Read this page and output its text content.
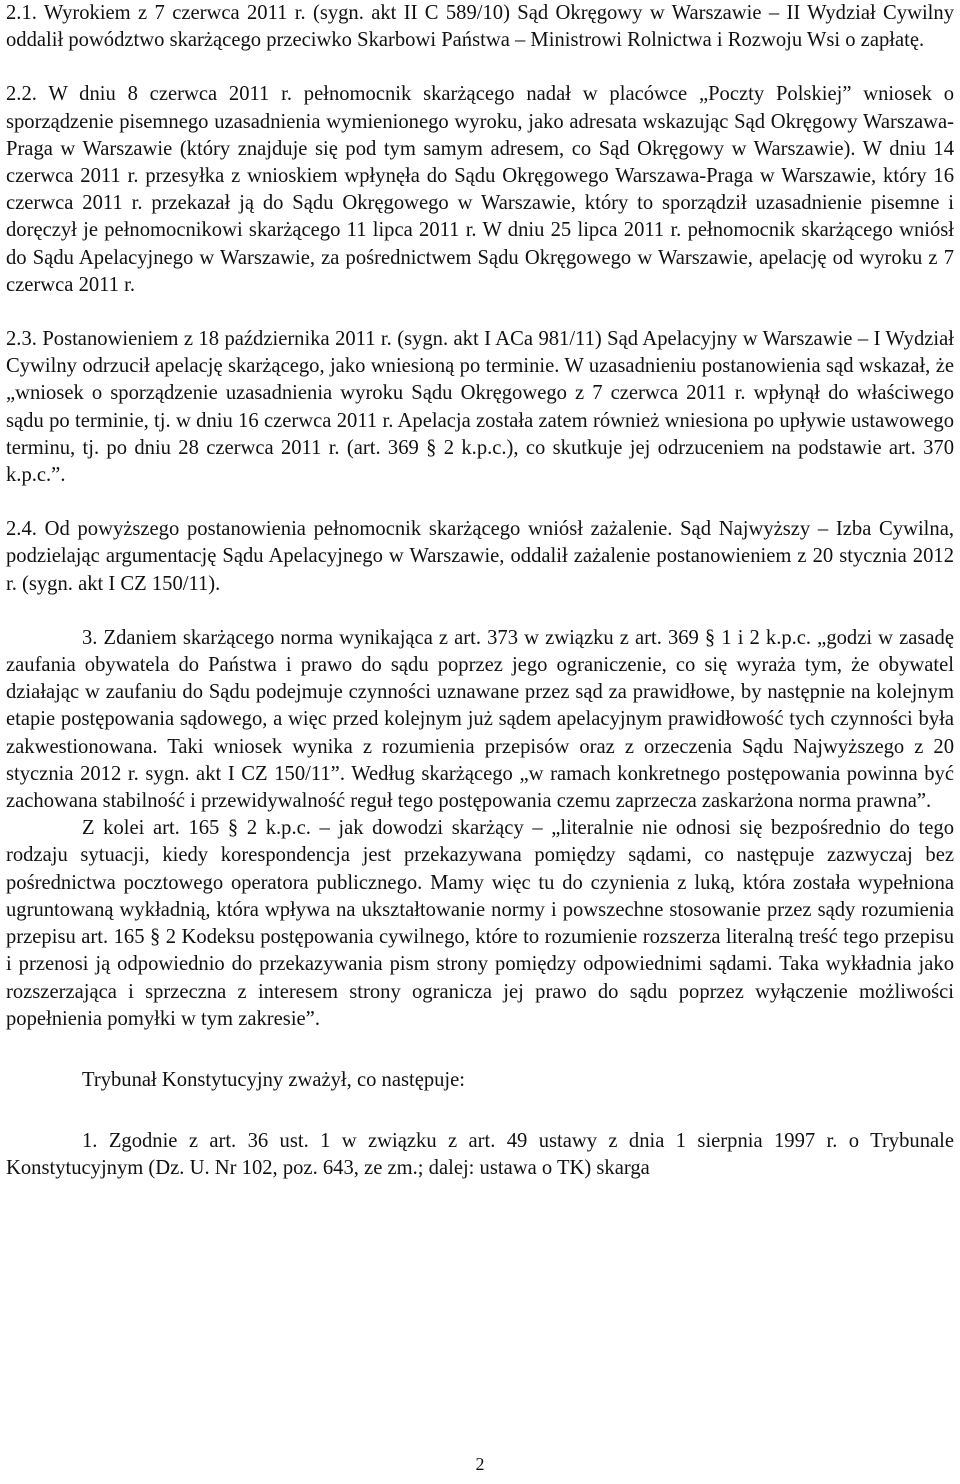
2.1. Wyrokiem z 7 czerwca 2011 r. (sygn. akt II C 589/10) Sąd Okręgowy w Warszawie – II Wydział Cywilny oddalił powództwo skarżącego przeciwko Skarbowi Państwa – Ministrowi Rolnictwa i Rozwoju Wsi o zapłatę.

2.2. W dniu 8 czerwca 2011 r. pełnomocnik skarżącego nadał w placówce „Poczty Polskiej” wniosek o sporządzenie pisemnego uzasadnienia wymienionego wyroku, jako adresata wskazując Sąd Okręgowy Warszawa-Praga w Warszawie (który znajduje się pod tym samym adresem, co Sąd Okręgowy w Warszawie). W dniu 14 czerwca 2011 r. przesyłka z wnioskiem wpłynęła do Sądu Okręgowego Warszawa-Praga w Warszawie, który 16 czerwca 2011 r. przekazał ją do Sądu Okręgowego w Warszawie, który to sporządził uzasadnienie pisemne i doręczył je pełnomocnikowi skarżącego 11 lipca 2011 r. W dniu 25 lipca 2011 r. pełnomocnik skarżącego wniósł do Sądu Apelacyjnego w Warszawie, za pośrednictwem Sądu Okręgowego w Warszawie, apelację od wyroku z 7 czerwca 2011 r.

2.3. Postanowieniem z 18 października 2011 r. (sygn. akt I ACa 981/11) Sąd Apelacyjny w Warszawie – I Wydział Cywilny odrzucił apelację skarżącego, jako wniesioną po terminie. W uzasadnieniu postanowienia sąd wskazał, że „wniosek o sporządzenie uzasadnienia wyroku Sądu Okręgowego z 7 czerwca 2011 r. wpłynął do właściwego sądu po terminie, tj. w dniu 16 czerwca 2011 r. Apelacja została zatem również wniesiona po upływie ustawowego terminu, tj. po dniu 28 czerwca 2011 r. (art. 369 § 2 k.p.c.), co skutkuje jej odrzuceniem na podstawie art. 370 k.p.c.”.

2.4. Od powyższego postanowienia pełnomocnik skarżącego wniósł zażalenie. Sąd Najwyższy – Izba Cywilna, podzielając argumentację Sądu Apelacyjnego w Warszawie, oddalił zażalenie postanowieniem z 20 stycznia 2012 r. (sygn. akt I CZ 150/11).

3. Zdaniem skarżącego norma wynikająca z art. 373 w związku z art. 369 § 1 i 2 k.p.c. „godzi w zasadę zaufania obywatela do Państwa i prawo do sądu poprzez jego ograniczenie, co się wyraża tym, że obywatel działając w zaufaniu do Sądu podejmuje czynności uznawane przez sąd za prawidłowe, by następnie na kolejnym etapie postępowania sądowego, a więc przed kolejnym już sądem apelacyjnym prawidłowość tych czynności była zakwestionowana. Taki wniosek wynika z rozumienia przepisów oraz z orzeczenia Sądu Najwyższego z 20 stycznia 2012 r. sygn. akt I CZ 150/11”. Według skarżącego „w ramach konkretnego postępowania powinna być zachowana stabilność i przewidywalność reguł tego postępowania czemu zaprzecza zaskarżona norma prawna”.

Z kolei art. 165 § 2 k.p.c. – jak dowodzi skarżący – „literalnie nie odnosi się bezpośrednio do tego rodzaju sytuacji, kiedy korespondencja jest przekazywana pomiędzy sądami, co następuje zazwyczaj bez pośrednictwa pocztowego operatora publicznego. Mamy więc tu do czynienia z luką, która została wypełniona ugruntowaną wykładnią, która wpływa na ukształtowanie normy i powszechne stosowanie przez sądy rozumienia przepisu art. 165 § 2 Kodeksu postępowania cywilnego, które to rozumienie rozszerza literalną treść tego przepisu i przenosi ją odpowiednio do przekazywania pism strony pomiędzy odpowiednimi sądami. Taka wykładnia jako rozszerzająca i sprzeczna z interesem strony ogranicza jej prawo do sądu poprzez wyłączenie możliwości popełnienia pomyłki w tym zakresie”.

Trybunał Konstytucyjny zważył, co następuje:

1. Zgodnie z art. 36 ust. 1 w związku z art. 49 ustawy z dnia 1 sierpnia 1997 r. o Trybunale Konstytucyjnym (Dz. U. Nr 102, poz. 643, ze zm.; dalej: ustawa o TK) skarga

2
